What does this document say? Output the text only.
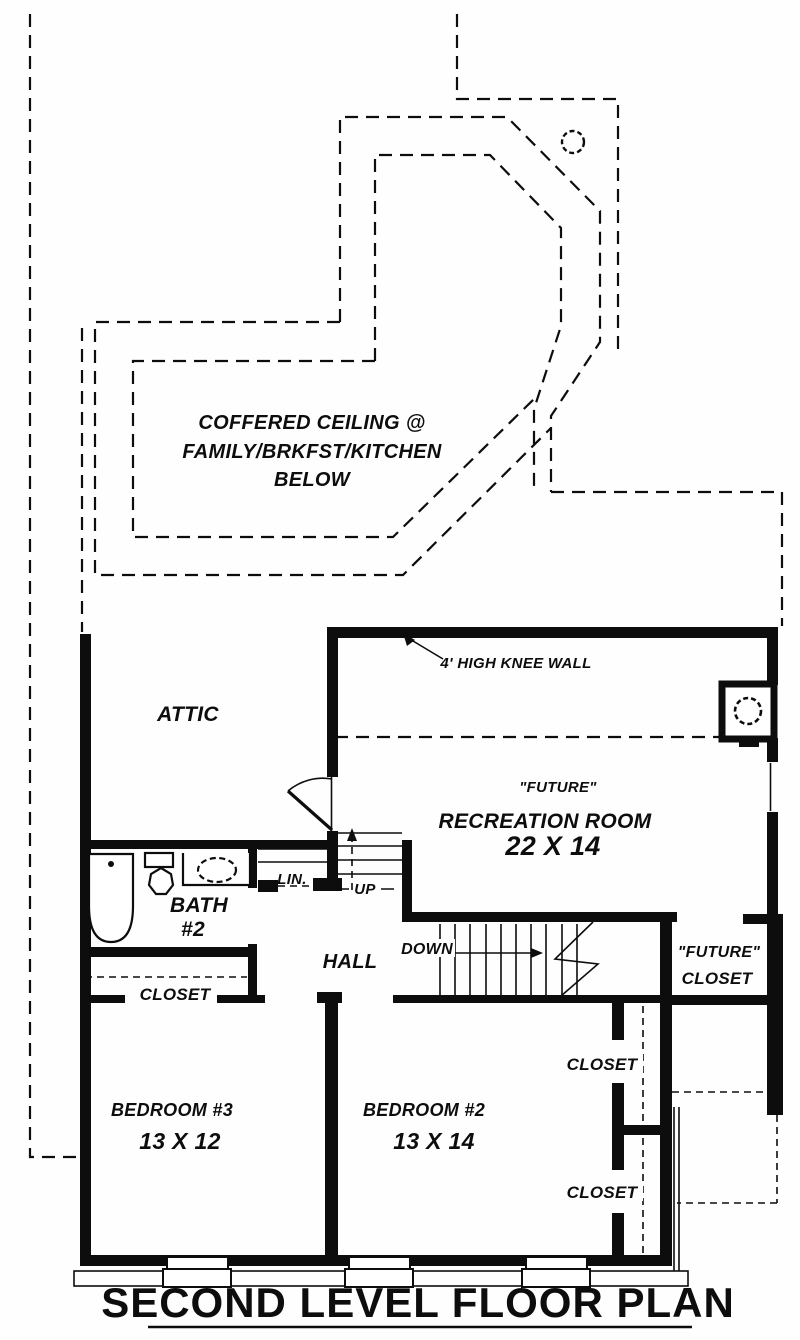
COFFERED CEILING @
FAMILY/BRKFST/KITCHEN
BELOW
ATTIC
4' HIGH KNEE WALL
"FUTURE"
RECREATION ROOM
22 X 14
BATH
#2
LIN.
UP
HALL
DOWN
CLOSET
"FUTURE"
CLOSET
CLOSET
CLOSET
BEDROOM #3
13 X 12
BEDROOM #2
13 X 14
SECOND LEVEL FLOOR PLAN
